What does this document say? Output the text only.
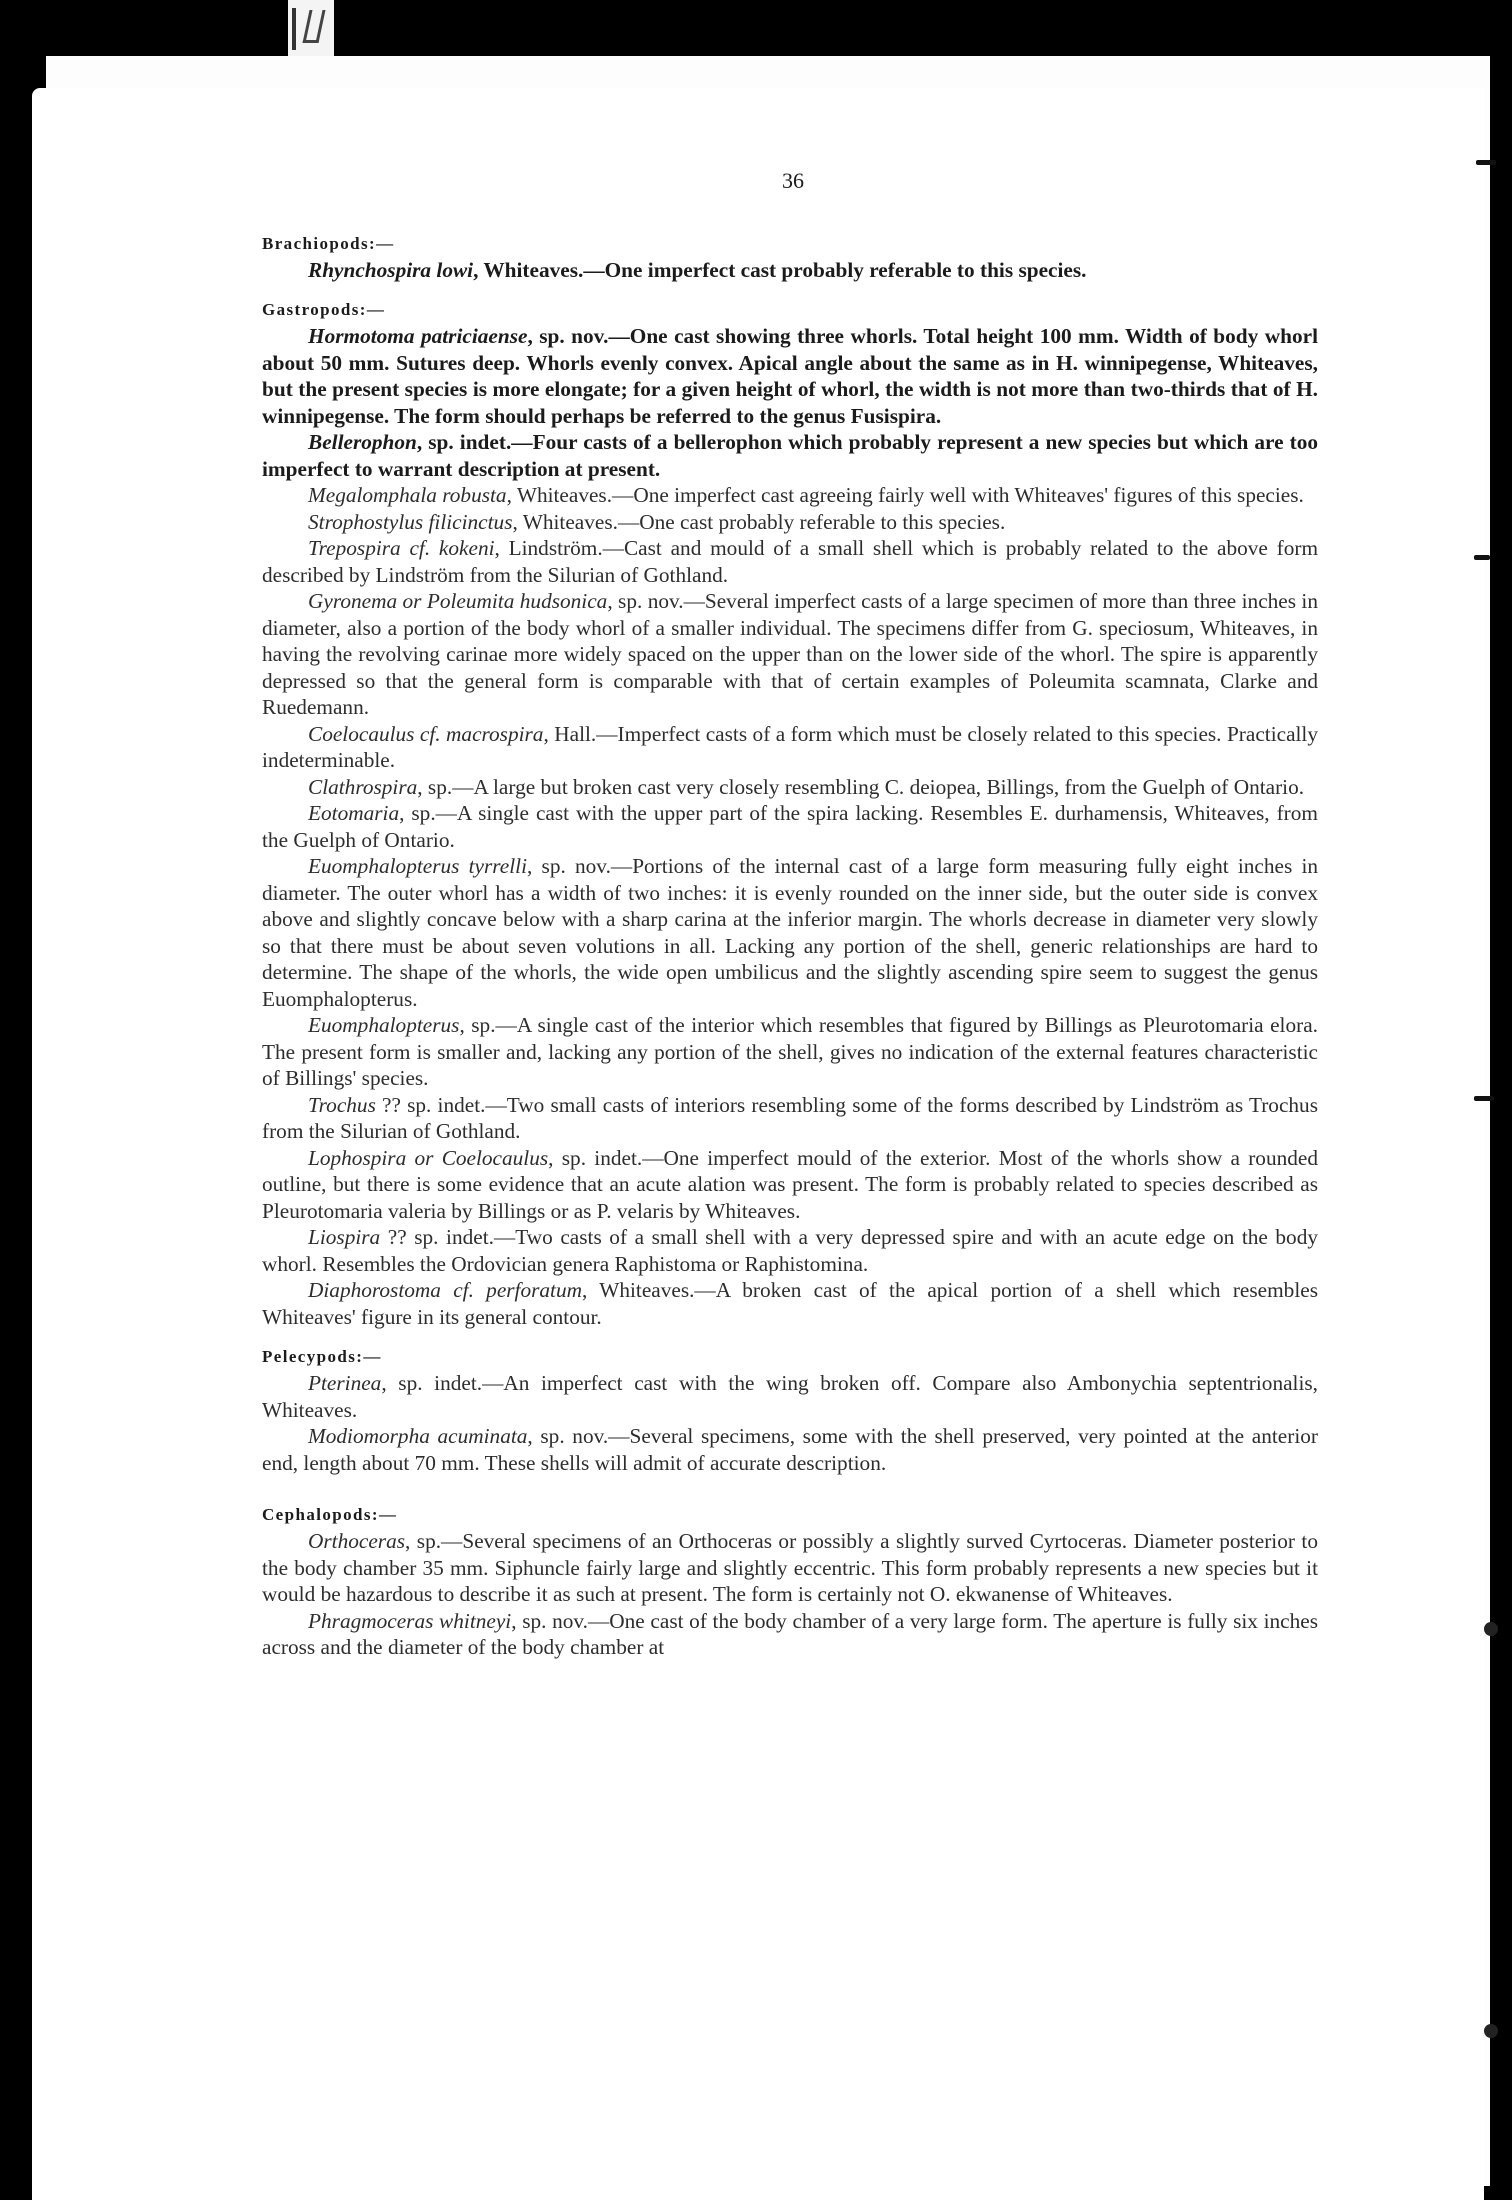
36
Brachiopods:—
Rhynchospira lowi, Whiteaves.—One imperfect cast probably referable to this species.
Gastropods:—
Hormotoma patriciaense, sp. nov.—One cast showing three whorls. Total height 100 mm. Width of body whorl about 50 mm. Sutures deep. Whorls evenly convex. Apical angle about the same as in H. winnipegense, Whiteaves, but the present species is more elongate; for a given height of whorl, the width is not more than two-thirds that of H. winnipegense. The form should perhaps be referred to the genus Fusispira.
Bellerophon, sp. indet.—Four casts of a bellerophon which probably represent a new species but which are too imperfect to warrant description at present.
Megalomphala robusta, Whiteaves.—One imperfect cast agreeing fairly well with Whiteaves' figures of this species.
Strophostylus filicinctus, Whiteaves.—One cast probably referable to this species.
Trepospira cf. kokeni, Lindström.—Cast and mould of a small shell which is probably related to the above form described by Lindström from the Silurian of Gothland.
Gyronema or Poleumita hudsonica, sp. nov.—Several imperfect casts of a large specimen of more than three inches in diameter, also a portion of the body whorl of a smaller individual. The specimens differ from G. speciosum, Whiteaves, in having the revolving carinae more widely spaced on the upper than on the lower side of the whorl. The spire is apparently depressed so that the general form is comparable with that of certain examples of Poleumita scamnata, Clarke and Ruedemann.
Coelocaulus cf. macrospira, Hall.—Imperfect casts of a form which must be closely related to this species. Practically indeterminable.
Clathrospira, sp.—A large but broken cast very closely resembling C. deiopea, Billings, from the Guelph of Ontario.
Eotomaria, sp.—A single cast with the upper part of the spira lacking. Resembles E. durhamensis, Whiteaves, from the Guelph of Ontario.
Euomphalopterus tyrrelli, sp. nov.—Portions of the internal cast of a large form measuring fully eight inches in diameter. The outer whorl has a width of two inches: it is evenly rounded on the inner side, but the outer side is convex above and slightly concave below with a sharp carina at the inferior margin. The whorls decrease in diameter very slowly so that there must be about seven volutions in all. Lacking any portion of the shell, generic relationships are hard to determine. The shape of the whorls, the wide open umbilicus and the slightly ascending spire seem to suggest the genus Euomphalopterus.
Euomphalopterus, sp.—A single cast of the interior which resembles that figured by Billings as Pleurotomaria elora. The present form is smaller and, lacking any portion of the shell, gives no indication of the external features characteristic of Billings' species.
Trochus ?? sp. indet.—Two small casts of interiors resembling some of the forms described by Lindström as Trochus from the Silurian of Gothland.
Lophospira or Coelocaulus, sp. indet.—One imperfect mould of the exterior. Most of the whorls show a rounded outline, but there is some evidence that an acute alation was present. The form is probably related to species described as Pleurotomaria valeria by Billings or as P. velaris by Whiteaves.
Liospira ?? sp. indet.—Two casts of a small shell with a very depressed spire and with an acute edge on the body whorl. Resembles the Ordovician genera Raphistoma or Raphistomina.
Diaphorostoma cf. perforatum, Whiteaves.—A broken cast of the apical portion of a shell which resembles Whiteaves' figure in its general contour.
Pelecypods:—
Pterinea, sp. indet.—An imperfect cast with the wing broken off. Compare also Ambonychia septentrionalis, Whiteaves.
Modiomorpha acuminata, sp. nov.—Several specimens, some with the shell preserved, very pointed at the anterior end, length about 70 mm. These shells will admit of accurate description.
Cephalopods:—
Orthoceras, sp.—Several specimens of an Orthoceras or possibly a slightly surved Cyrtoceras. Diameter posterior to the body chamber 35 mm. Siphuncle fairly large and slightly eccentric. This form probably represents a new species but it would be hazardous to describe it as such at present. The form is certainly not O. ekwanense of Whiteaves.
Phragmoceras whitneyi, sp. nov.—One cast of the body chamber of a very large form. The aperture is fully six inches across and the diameter of the body chamber at
